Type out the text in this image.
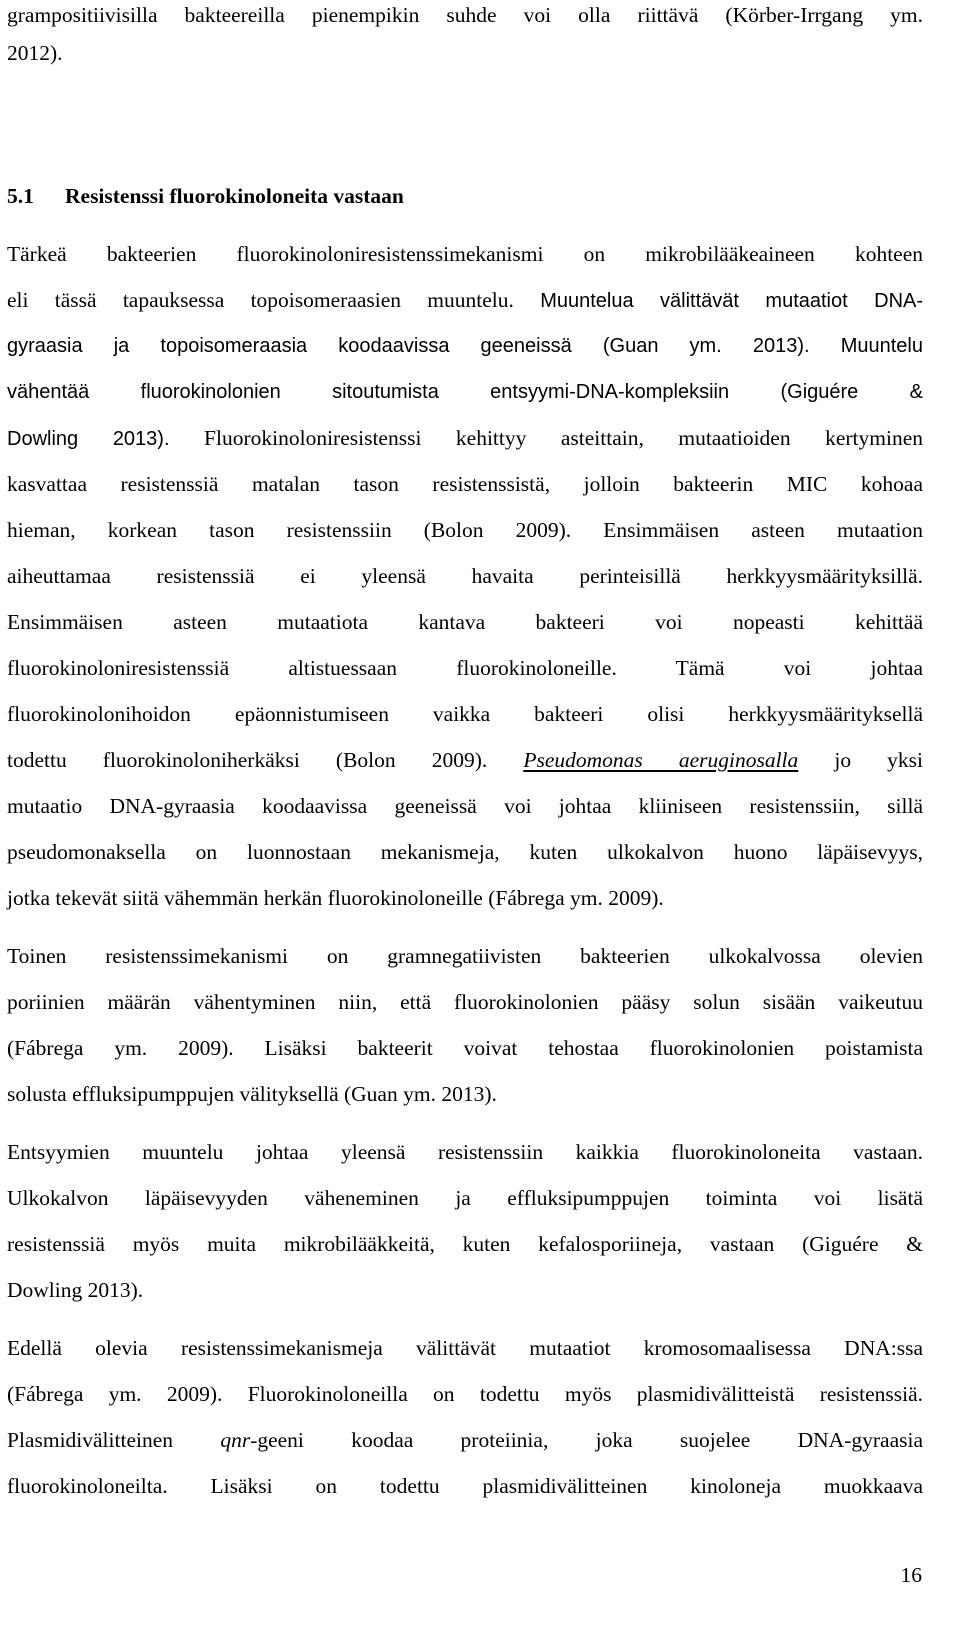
grampositiivisilla bakteereilla pienempikin suhde voi olla riittävä (Körber-Irrgang ym.
2012).
5.1 Resistenssi fluorokinoloneita vastaan
Tärkeä bakteerien fluorokinoloniresistenssimekanismi on mikrobilääkeaineen kohteen
eli tässä tapauksessa topoisomeraasien muuntelu. Muuntelua välittävät mutaatiot DNA-
gyraasia ja topoisomeraasia koodaavissa geeneissä (Guan ym. 2013). Muuntelu
vähentää fluorokinolonien sitoutumista entsyymi-DNA-kompleksiin (Giguére &
Dowling 2013). Fluorokinoloniresistenssi kehittyy asteittain, mutaatioiden kertyminen
kasvattaa resistenssiä matalan tason resistenssistä, jolloin bakteerin MIC kohoaa
hieman, korkean tason resistenssiin (Bolon 2009). Ensimmäisen asteen mutaation
aiheuttamaa resistenssiä ei yleensä havaita perinteisillä herkkyysmäärityksillä.
Ensimmäisen asteen mutaatiota kantava bakteeri voi nopeasti kehittää
fluorokinoloniresistenssiä altistuessaan fluorokinoloneille. Tämä voi johtaa
fluorokinolonihoidon epäonnistumiseen vaikka bakteeri olisi herkkyysmäärityksellä
todettu fluorokinoloniherkäksi (Bolon 2009). Pseudomonas aeruginosalla jo yksi
mutaatio DNA-gyraasia koodaavissa geeneissä voi johtaa kliiniseen resistenssiin, sillä
pseudomonaksella on luonnostaan mekanismeja, kuten ulkokalvon huono läpäisevyys,
jotka tekevät siitä vähemmän herkän fluorokinoloneille (Fábrega ym. 2009).
Toinen resistenssimekanismi on gramnegatiivisten bakteerien ulkokalvossa olevien
poriinien määrän vähentyminen niin, että fluorokinolonien pääsy solun sisään vaikeutuu
(Fábrega ym. 2009). Lisäksi bakteerit voivat tehostaa fluorokinolonien poistamista
solusta effluksipumppujen välityksellä (Guan ym. 2013).
Entsyymien muuntelu johtaa yleensä resistenssiin kaikkia fluorokinoloneita vastaan.
Ulkokalvon läpäisevyyden väheneminen ja effluksipumppujen toiminta voi lisätä
resistenssiä myös muita mikrobilääkkeitä, kuten kefalosporiineja, vastaan (Giguére &
Dowling 2013).
Edellä olevia resistenssimekanismeja välittävät mutaatiot kromosomaalisessa DNA:ssa
(Fábrega ym. 2009). Fluorokinoloneilla on todettu myös plasmidivälitteistä resistenssiä.
Plasmidivälitteinen qnr-geeni koodaa proteiinia, joka suojelee DNA-gyraasia
fluorokinoloneilta. Lisäksi on todettu plasmidivälitteinen kinoloneja muokkaava
16
